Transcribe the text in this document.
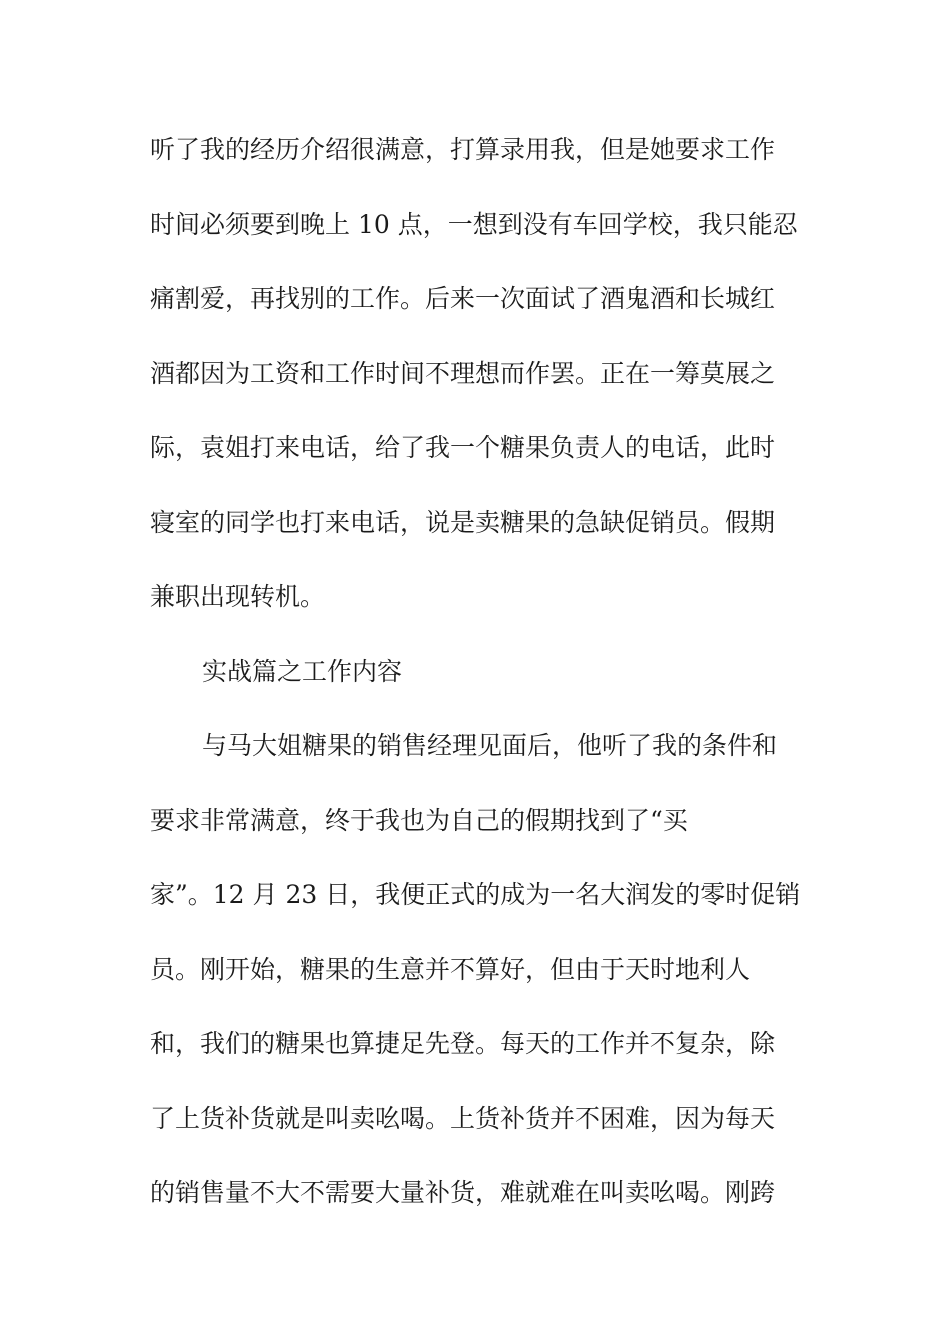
听了我的经历介绍很满意，打算录用我，但是她要求工作
时间必须要到晚上 10 点，一想到没有车回学校，我只能忍
痛割爱，再找别的工作。后来一次面试了酒鬼酒和长城红
酒都因为工资和工作时间不理想而作罢。正在一筹莫展之
际，袁姐打来电话，给了我一个糖果负责人的电话，此时
寝室的同学也打来电话，说是卖糖果的急缺促销员。假期
兼职出现转机。
实战篇之工作内容
与马大姐糖果的销售经理见面后，他听了我的条件和
要求非常满意，终于我也为自己的假期找到了“买
家”。12 月 23 日，我便正式的成为一名大润发的零时促销
员。刚开始，糖果的生意并不算好，但由于天时地利人
和，我们的糖果也算捷足先登。每天的工作并不复杂，除
了上货补货就是叫卖吆喝。上货补货并不困难，因为每天
的销售量不大不需要大量补货，难就难在叫卖吆喝。刚跨
